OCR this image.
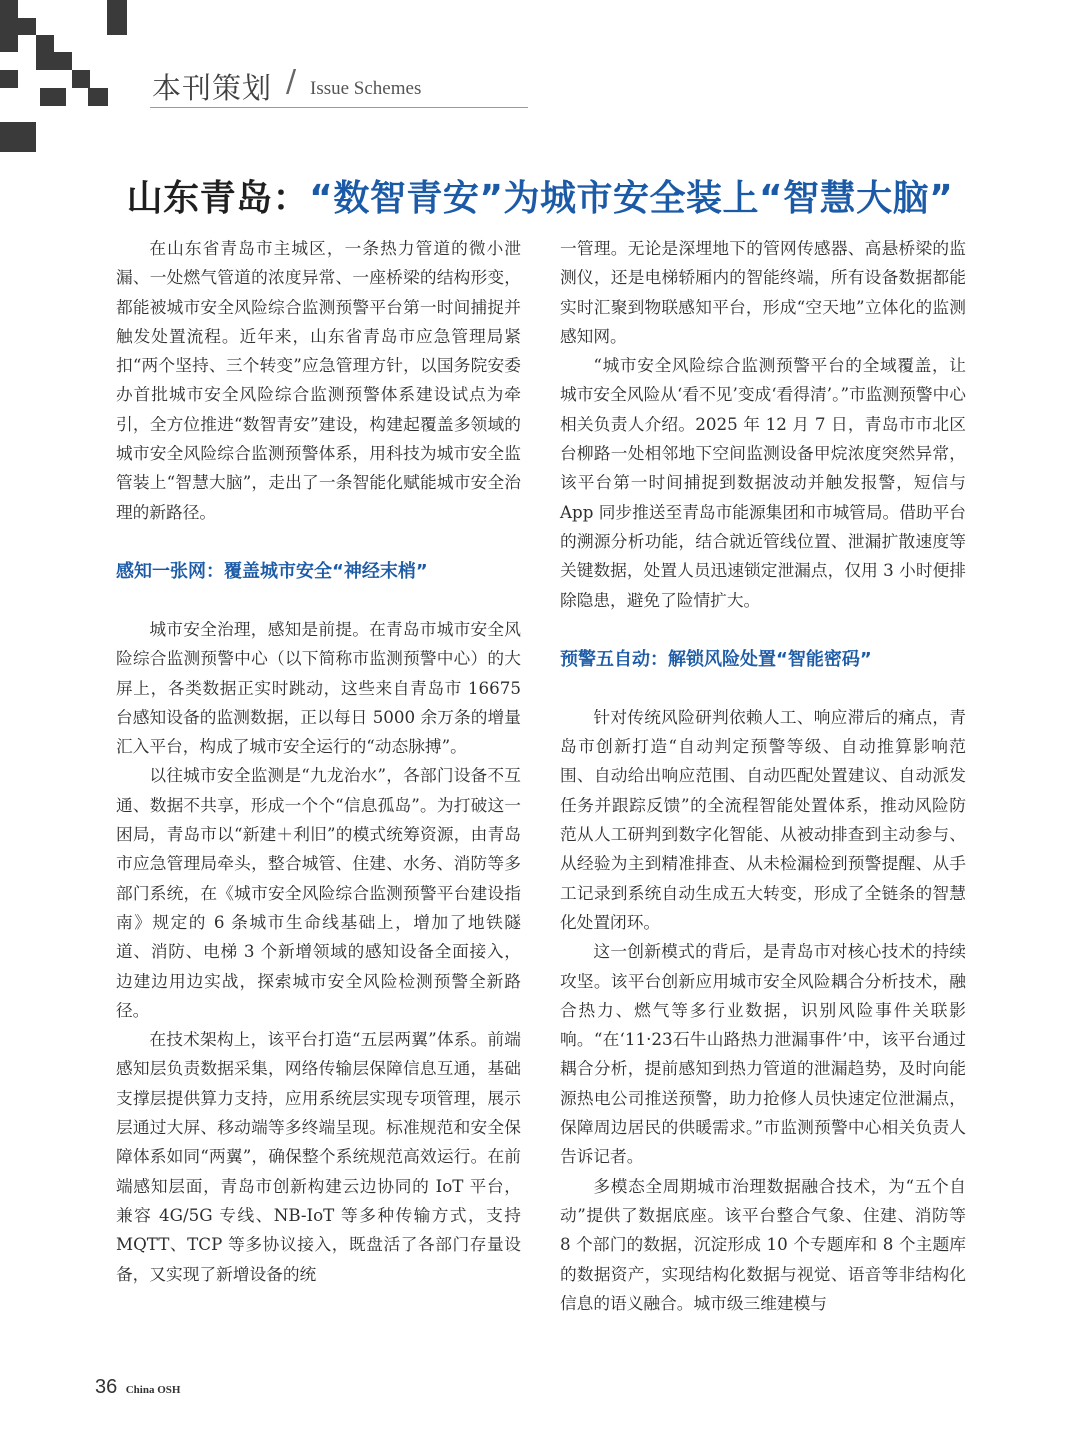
本刊策划 / Issue Schemes
山东青岛：“数智青安”为城市安全装上“智慧大脑”

在山东省青岛市主城区，一条热力管道的微小泄漏、一处燃气管道的浓度异常、一座桥梁的结构形变，都能被城市安全风险综合监测预警平台第一时间捕捉并触发处置流程。近年来，山东省青岛市应急管理局紧扣“两个坚持、三个转变”应急管理方针，以国务院安委办首批城市安全风险综合监测预警体系建设试点为牵引，全方位推进“数智青安”建设，构建起覆盖多领域的城市安全风险综合监测预警体系，用科技为城市安全监管装上“智慧大脑”，走出了一条智能化赋能城市安全治理的新路径。

感知一张网：覆盖城市安全“神经末梢”

城市安全治理，感知是前提。在青岛市城市安全风险综合监测预警中心（以下简称市监测预警中心）的大屏上，各类数据正实时跳动，这些来自青岛市 16675 台感知设备的监测数据，正以每日 5000 余万条的增量汇入平台，构成了城市安全运行的“动态脉搏”。

以往城市安全监测是“九龙治水”，各部门设备不互通、数据不共享，形成一个个“信息孤岛”。为打破这一困局，青岛市以“新建＋利旧”的模式统筹资源，由青岛市应急管理局牵头，整合城管、住建、水务、消防等多部门系统，在《城市安全风险综合监测预警平台建设指南》规定的 6 条城市生命线基础上，增加了地铁隧道、消防、电梯 3 个新增领域的感知设备全面接入，边建边用边实战，探索城市安全风险检测预警全新路径。

在技术架构上，该平台打造“五层两翼”体系。前端感知层负责数据采集，网络传输层保障信息互通，基础支撑层提供算力支持，应用系统层实现专项管理，展示层通过大屏、移动端等多终端呈现。标准规范和安全保障体系如同“两翼”，确保整个系统规范高效运行。在前端感知层面，青岛市创新构建云边协同的 IoT 平台，兼容 4G/5G 专线、NB-IoT 等多种传输方式，支持 MQTT、TCP 等多协议接入，既盘活了各部门存量设备，又实现了新增设备的统

一管理。无论是深埋地下的管网传感器、高悬桥梁的监测仪，还是电梯轿厢内的智能终端，所有设备数据都能实时汇聚到物联感知平台，形成“空天地”立体化的监测感知网。

“城市安全风险综合监测预警平台的全域覆盖，让城市安全风险从‘看不见’变成‘看得清’。”市监测预警中心相关负责人介绍。2025 年 12 月 7 日，青岛市市北区台柳路一处相邻地下空间监测设备甲烷浓度突然异常，该平台第一时间捕捉到数据波动并触发报警，短信与 App 同步推送至青岛市能源集团和市城管局。借助平台的溯源分析功能，结合就近管线位置、泄漏扩散速度等关键数据，处置人员迅速锁定泄漏点，仅用 3 小时便排除隐患，避免了险情扩大。

预警五自动：解锁风险处置“智能密码”

针对传统风险研判依赖人工、响应滞后的痛点，青岛市创新打造“自动判定预警等级、自动推算影响范围、自动给出响应范围、自动匹配处置建议、自动派发任务并跟踪反馈”的全流程智能处置体系，推动风险防范从人工研判到数字化智能、从被动排查到主动参与、从经验为主到精准排查、从未检漏检到预警提醒、从手工记录到系统自动生成五大转变，形成了全链条的智慧化处置闭环。

这一创新模式的背后，是青岛市对核心技术的持续攻坚。该平台创新应用城市安全风险耦合分析技术，融合热力、燃气等多行业数据，识别风险事件关联影响。“在‘11·23石牛山路热力泄漏事件’中，该平台通过耦合分析，提前感知到热力管道的泄漏趋势，及时向能源热电公司推送预警，助力抢修人员快速定位泄漏点，保障周边居民的供暖需求。”市监测预警中心相关负责人告诉记者。

多模态全周期城市治理数据融合技术，为“五个自动”提供了数据底座。该平台整合气象、住建、消防等 8 个部门的数据，沉淀形成 10 个专题库和 8 个主题库的数据资产，实现结构化数据与视觉、语音等非结构化信息的语义融合。城市级三维建模与

36 China OSH
